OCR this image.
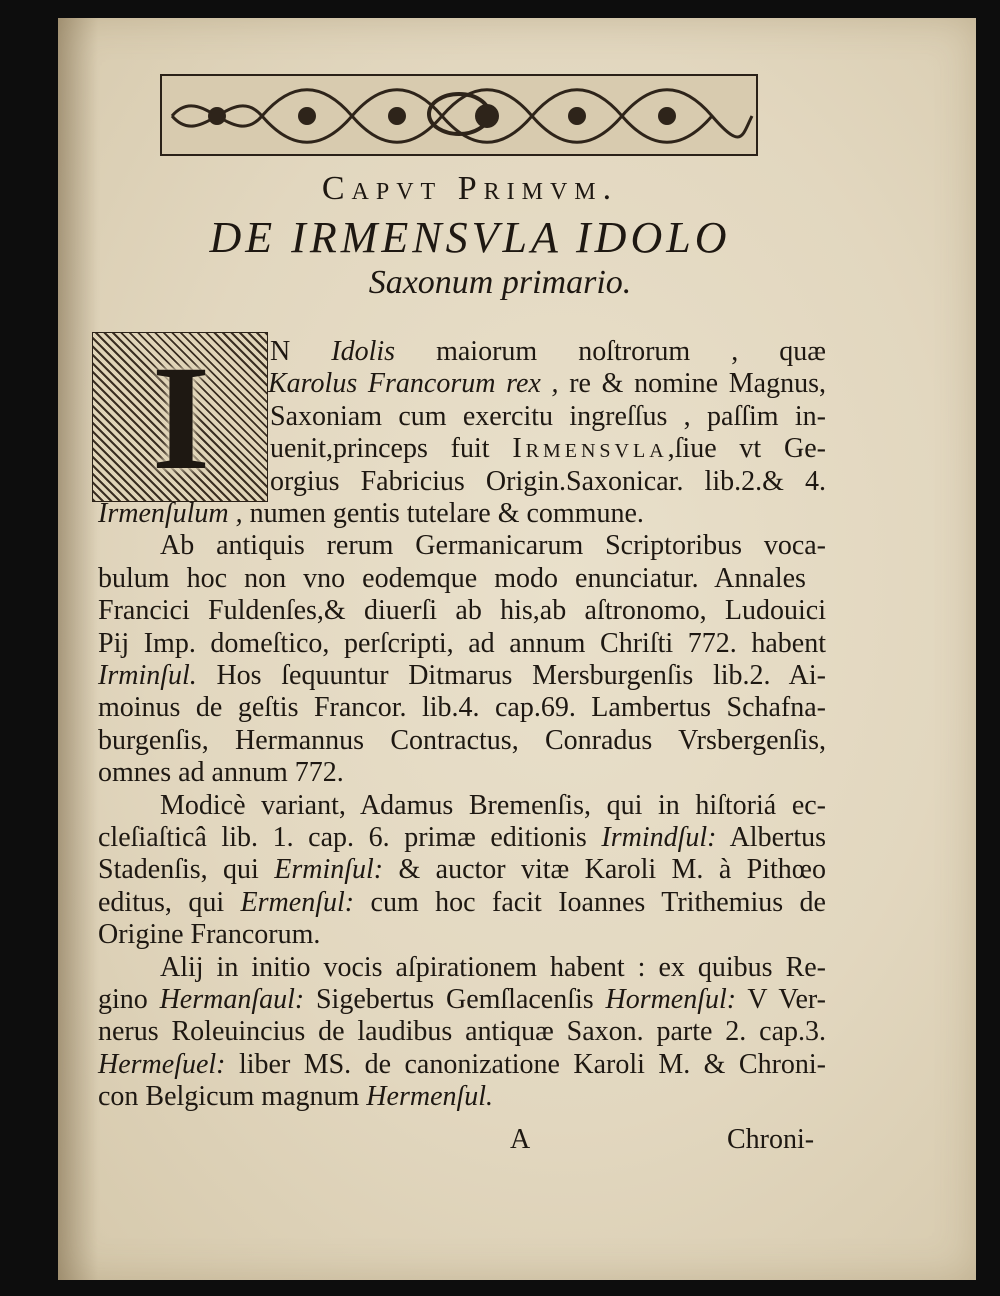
Capvt Primvm.
DE IRMENSVLA IDOLO
Saxonum primario.
I	N Idolis maiorum noſtrorum , quæ
Karolus Francorum rex , re & nomine Magnus,
Saxoniam cum exercitu ingreſſus , paſſim in-
uenit,princeps fuit Irmensvla,ſiue vt Ge-
orgius Fabricius Origin.Saxonicar. lib.2.& 4.
Irmenſulum , numen gentis tutelare & commune.
Ab antiquis rerum Germanicarum Scriptoribus voca-
bulum hoc non vno eodemque modo enunciatur. Annales
Francici Fuldenſes,& diuerſi ab his,ab aſtronomo, Ludouici
Pij Imp. domeſtico, perſcripti, ad annum Chriſti 772. habent
Irminſul. Hos ſequuntur Ditmarus Mersburgenſis lib.2. Ai-
moinus de geſtis Francor. lib.4. cap.69. Lambertus Schafna-
burgenſis, Hermannus Contractus, Conradus Vrsbergenſis,
omnes ad annum 772.
Modicè variant, Adamus Bremenſis, qui in hiſtoriá ec-
cleſiaſticâ lib. 1. cap. 6. primæ editionis Irmindſul: Albertus
Stadenſis, qui Erminſul: & auctor vitæ Karoli M. à Pithœo
editus, qui Ermenſul: cum hoc facit Ioannes Trithemius de
Origine Francorum.
Alij in initio vocis aſpirationem habent : ex quibus Re-
gino Hermanſaul: Sigebertus Gemſlacenſis Hormenſul: V Ver-
nerus Roleuincius de laudibus antiquæ Saxon. parte 2. cap.3.
Hermeſuel: liber MS. de canonizatione Karoli M. & Chroni-
con Belgicum magnum Hermenſul.
A	Chroni-
